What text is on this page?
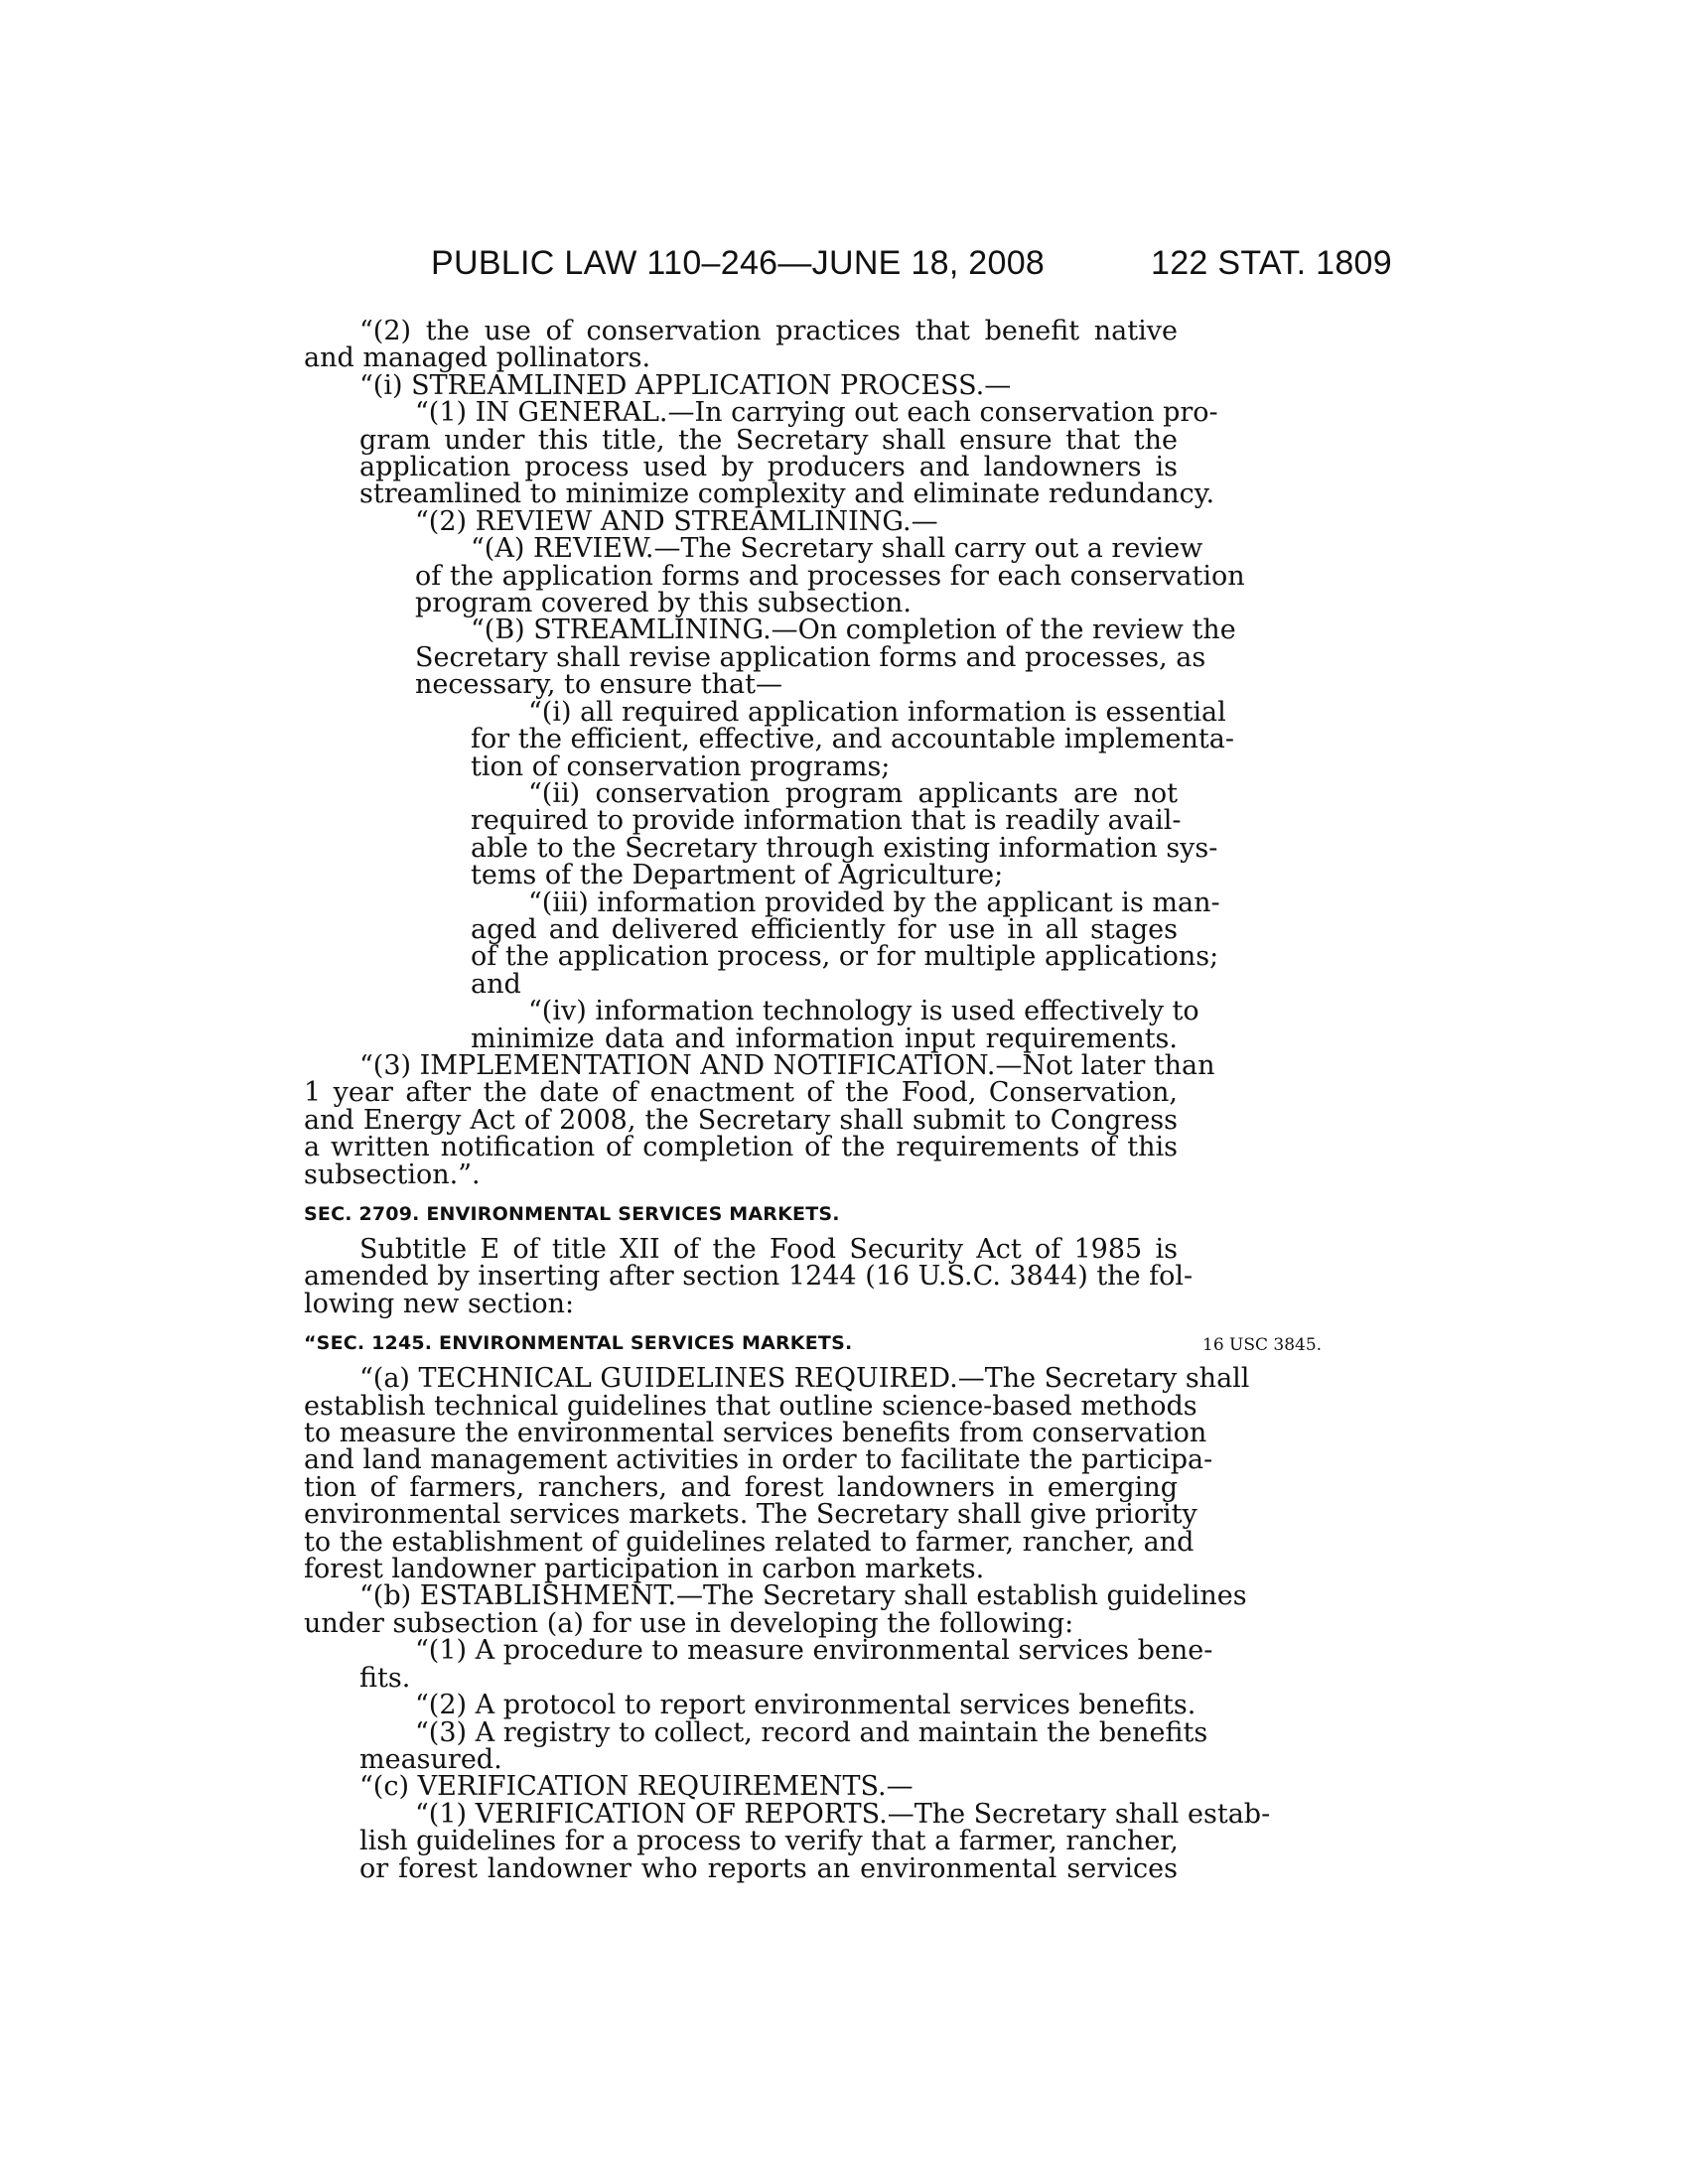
PUBLIC LAW 110–246—JUNE 18, 2008	122 STAT. 1809
“(2) the use of conservation practices that benefit native
and managed pollinators.
“(i) STREAMLINED APPLICATION PROCESS.—
“(1) IN GENERAL.—In carrying out each conservation pro-
gram under this title, the Secretary shall ensure that the
application process used by producers and landowners is
streamlined to minimize complexity and eliminate redundancy.
“(2) REVIEW AND STREAMLINING.—
“(A) REVIEW.—The Secretary shall carry out a review
of the application forms and processes for each conservation
program covered by this subsection.
“(B) STREAMLINING.—On completion of the review the
Secretary shall revise application forms and processes, as
necessary, to ensure that—
“(i) all required application information is essential
for the efficient, effective, and accountable implementa-
tion of conservation programs;
“(ii) conservation program applicants are not
required to provide information that is readily avail-
able to the Secretary through existing information sys-
tems of the Department of Agriculture;
“(iii) information provided by the applicant is man-
aged and delivered efficiently for use in all stages
of the application process, or for multiple applications;
and
“(iv) information technology is used effectively to
minimize data and information input requirements.
“(3) IMPLEMENTATION AND NOTIFICATION.—Not later than
1 year after the date of enactment of the Food, Conservation,
and Energy Act of 2008, the Secretary shall submit to Congress
a written notification of completion of the requirements of this
subsection.”.
SEC. 2709. ENVIRONMENTAL SERVICES MARKETS.
Subtitle E of title XII of the Food Security Act of 1985 is
amended by inserting after section 1244 (16 U.S.C. 3844) the fol-
lowing new section:
“SEC. 1245. ENVIRONMENTAL SERVICES MARKETS.	16 USC 3845.
“(a) TECHNICAL GUIDELINES REQUIRED.—The Secretary shall
establish technical guidelines that outline science-based methods
to measure the environmental services benefits from conservation
and land management activities in order to facilitate the participa-
tion of farmers, ranchers, and forest landowners in emerging
environmental services markets. The Secretary shall give priority
to the establishment of guidelines related to farmer, rancher, and
forest landowner participation in carbon markets.
“(b) ESTABLISHMENT.—The Secretary shall establish guidelines
under subsection (a) for use in developing the following:
“(1) A procedure to measure environmental services bene-
fits.
“(2) A protocol to report environmental services benefits.
“(3) A registry to collect, record and maintain the benefits
measured.
“(c) VERIFICATION REQUIREMENTS.—
“(1) VERIFICATION OF REPORTS.—The Secretary shall estab-
lish guidelines for a process to verify that a farmer, rancher,
or forest landowner who reports an environmental services
